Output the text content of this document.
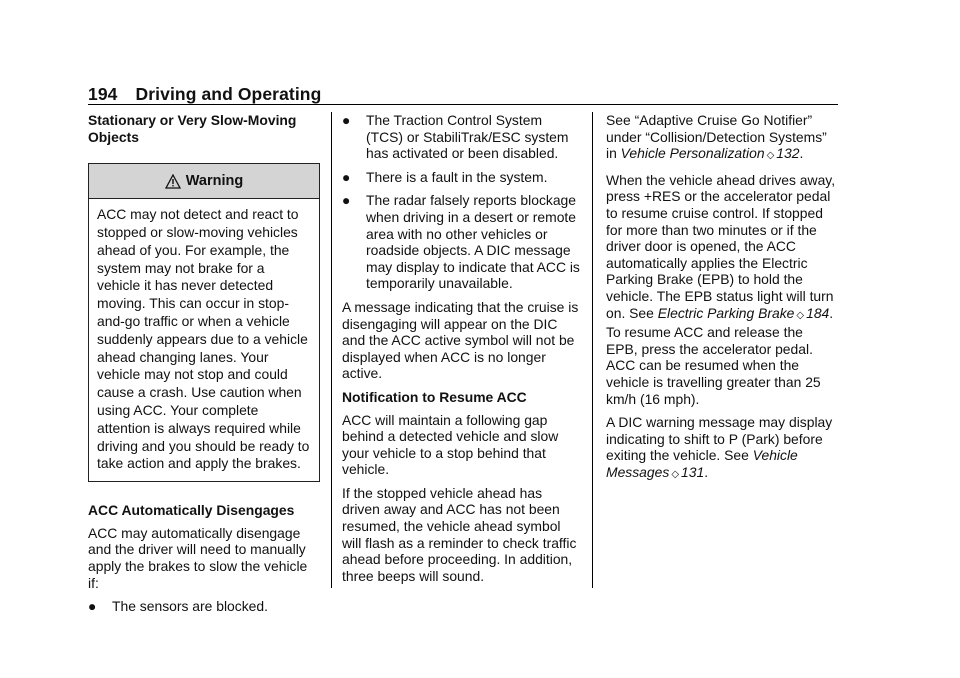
194 Driving and Operating

Stationary or Very Slow-Moving Objects

Warning
ACC may not detect and react to stopped or slow-moving vehicles ahead of you. For example, the system may not brake for a vehicle it has never detected moving. This can occur in stop-and-go traffic or when a vehicle suddenly appears due to a vehicle ahead changing lanes. Your vehicle may not stop and could cause a crash. Use caution when using ACC. Your complete attention is always required while driving and you should be ready to take action and apply the brakes.

ACC Automatically Disengages

ACC may automatically disengage and the driver will need to manually apply the brakes to slow the vehicle if:

●	The sensors are blocked.
●	The Traction Control System (TCS) or StabiliTrak/ESC system has activated or been disabled.
●	There is a fault in the system.
●	The radar falsely reports blockage when driving in a desert or remote area with no other vehicles or roadside objects. A DIC message may display to indicate that ACC is temporarily unavailable.

A message indicating that the cruise is disengaging will appear on the DIC and the ACC active symbol will not be displayed when ACC is no longer active.

Notification to Resume ACC

ACC will maintain a following gap behind a detected vehicle and slow your vehicle to a stop behind that vehicle.

If the stopped vehicle ahead has driven away and ACC has not been resumed, the vehicle ahead symbol will flash as a reminder to check traffic ahead before proceeding. In addition, three beeps will sound.

See “Adaptive Cruise Go Notifier” under “Collision/Detection Systems” in Vehicle Personalization ◇ 132.

When the vehicle ahead drives away, press +RES or the accelerator pedal to resume cruise control. If stopped for more than two minutes or if the driver door is opened, the ACC automatically applies the Electric Parking Brake (EPB) to hold the vehicle. The EPB status light will turn on. See Electric Parking Brake ◇ 184. To resume ACC and release the EPB, press the accelerator pedal. ACC can be resumed when the vehicle is travelling greater than 25 km/h (16 mph).

A DIC warning message may display indicating to shift to P (Park) before exiting the vehicle. See Vehicle Messages ◇ 131.
